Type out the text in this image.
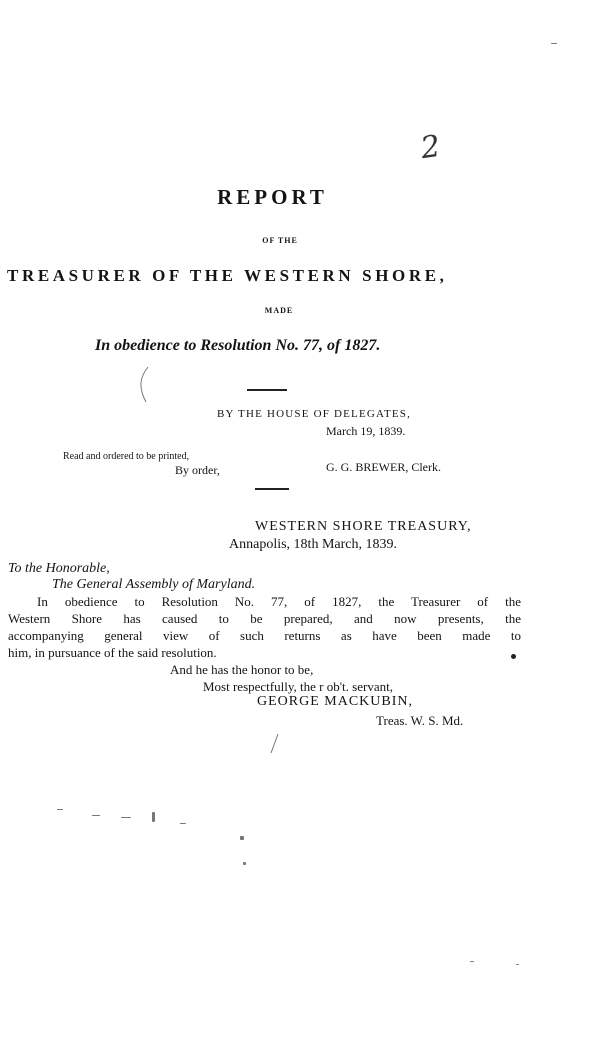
2
REPORT
OF THE
TREASURER OF THE WESTERN SHORE,
MADE
In obedience to Resolution No. 77, of 1827.
BY THE HOUSE OF DELEGATES,
March 19, 1839.
Read and ordered to be printed,
By order,	G. G. BREWER, Clerk.
WESTERN SHORE TREASURY,
Annapolis, 18th March, 1839.
To the Honorable,
The General Assembly of Maryland.
In obedience to Resolution No. 77, of 1827, the Treasurer of the
Western Shore has caused to be prepared, and now presents, the
accompanying general view of such returns as have been made to
him, in pursuance of the said resolution.
And he has the honor to be,
Most respectfully, the r ob't. servant,
GEORGE MACKUBIN,
Treas. W. S. Md.
